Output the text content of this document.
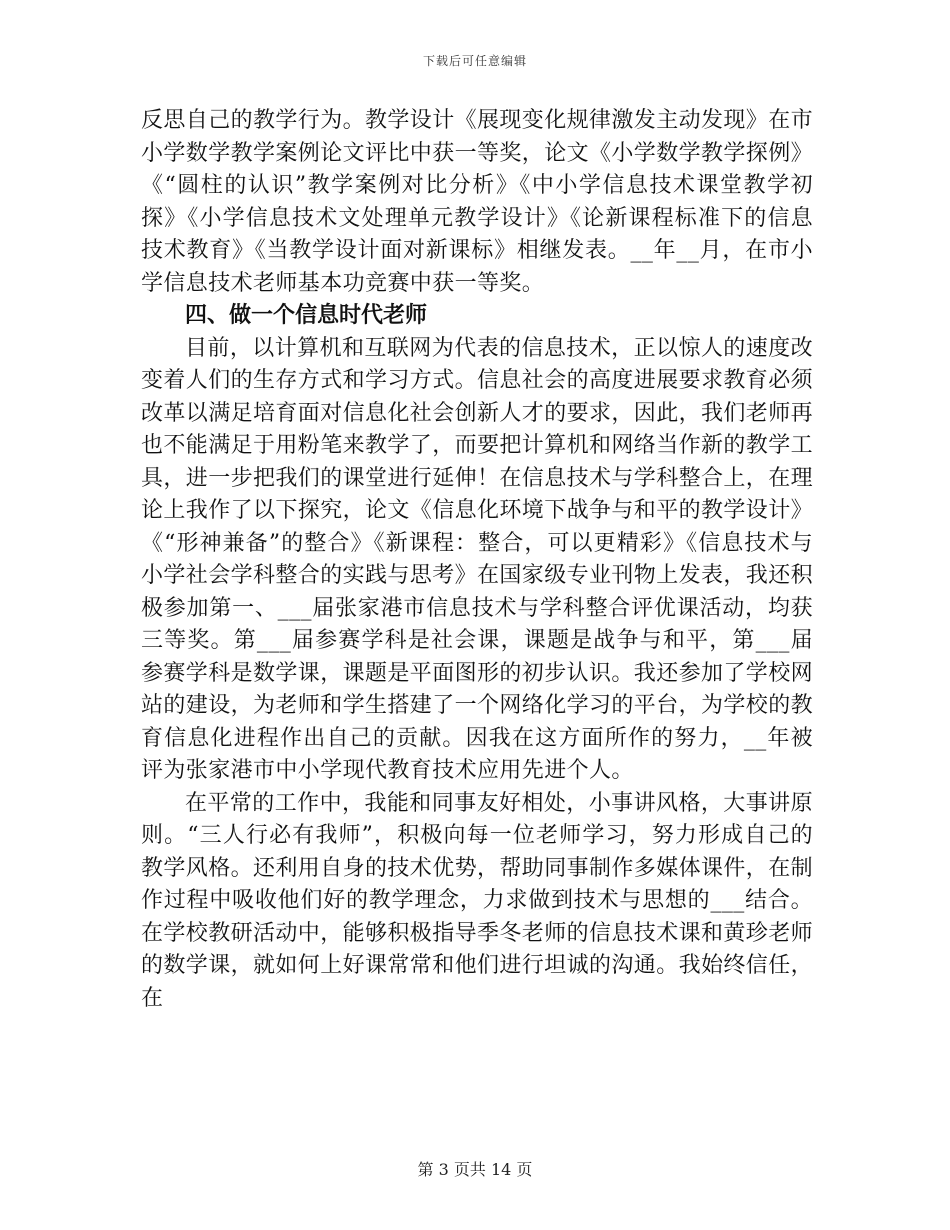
下载后可任意编辑

反思自己的教学行为。教学设计《展现变化规律激发主动发现》在市小学数学教学案例论文评比中获一等奖，论文《小学数学教学探例》《“圆柱的认识”教学案例对比分析》《中小学信息技术课堂教学初探》《小学信息技术文处理单元教学设计》《论新课程标准下的信息技术教育》《当教学设计面对新课标》相继发表。__年__月，在市小学信息技术老师基本功竞赛中获一等奖。

四、做一个信息时代老师

目前，以计算机和互联网为代表的信息技术，正以惊人的速度改变着人们的生存方式和学习方式。信息社会的高度进展要求教育必须改革以满足培育面对信息化社会创新人才的要求，因此，我们老师再也不能满足于用粉笔来教学了，而要把计算机和网络当作新的教学工具，进一步把我们的课堂进行延伸！在信息技术与学科整合上，在理论上我作了以下探究，论文《信息化环境下战争与和平的教学设计》《“形神兼备”的整合》《新课程：整合，可以更精彩》《信息技术与小学社会学科整合的实践与思考》在国家级专业刊物上发表，我还积极参加第一、___届张家港市信息技术与学科整合评优课活动，均获三等奖。第___届参赛学科是社会课，课题是战争与和平，第___届参赛学科是数学课，课题是平面图形的初步认识。我还参加了学校网站的建设，为老师和学生搭建了一个网络化学习的平台，为学校的教育信息化进程作出自己的贡献。因我在这方面所作的努力，__年被评为张家港市中小学现代教育技术应用先进个人。

在平常的工作中，我能和同事友好相处，小事讲风格，大事讲原则。“三人行必有我师”，积极向每一位老师学习，努力形成自己的教学风格。还利用自身的技术优势，帮助同事制作多媒体课件，在制作过程中吸收他们好的教学理念，力求做到技术与思想的___结合。在学校教研活动中，能够积极指导季冬老师的信息技术课和黄珍老师的数学课，就如何上好课常常和他们进行坦诚的沟通。我始终信任，在

第 3 页共 14 页
